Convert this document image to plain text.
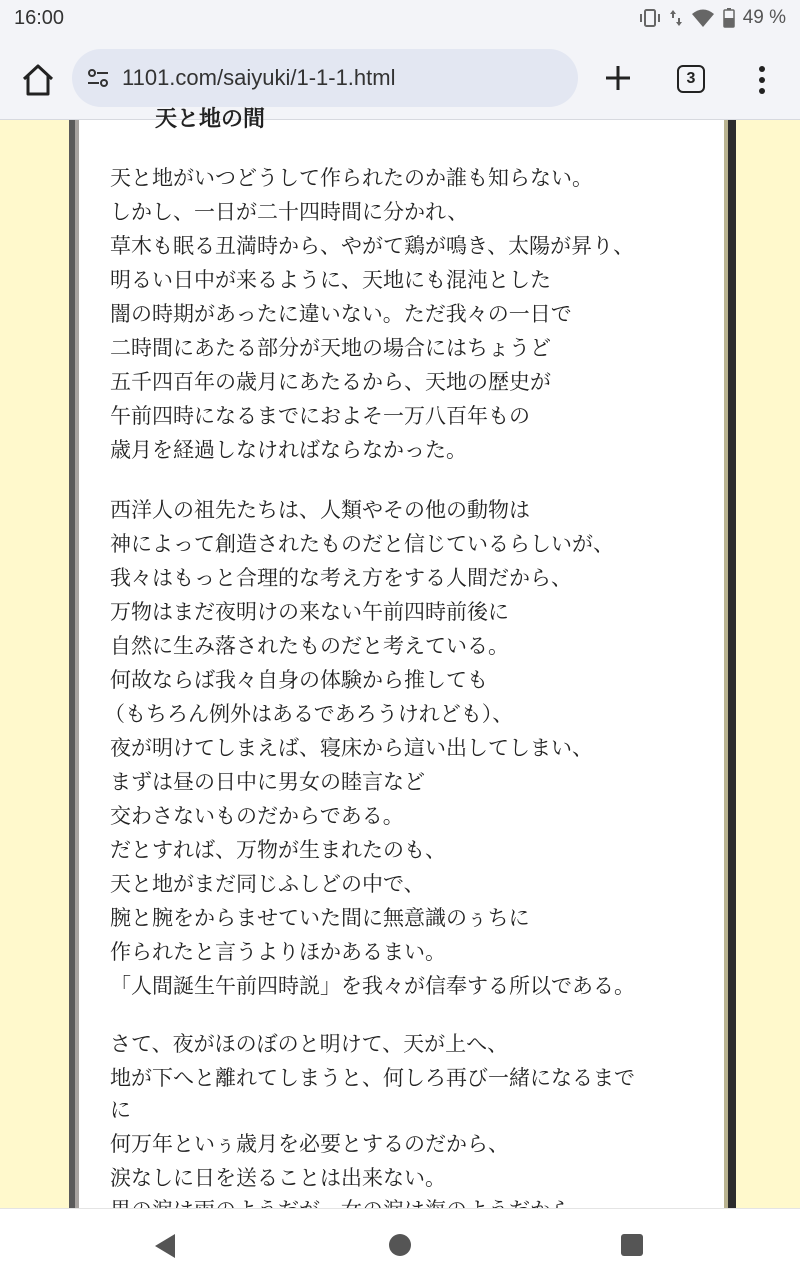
16:00	49 %
1101.com/saiyuki/1-1-1.html	3
天と地の間
天と地がいつどうして作られたのか誰も知らない。
しかし、一日が二十四時間に分かれ、
草木も眠る丑満時から、やがて鶏が鳴き、太陽が昇り、
明るい日中が来るように、天地にも混沌とした
闇の時期があったに違いない。ただ我々の一日で
二時間にあたる部分が天地の場合にはちょうど
五千四百年の歳月にあたるから、天地の歴史が
午前四時になるまでにおよそ一万八百年もの
歳月を経過しなければならなかった。
西洋人の祖先たちは、人類やその他の動物は
神によって創造されたものだと信じているらしいが、
我々はもっと合理的な考え方をする人間だから、
万物はまだ夜明けの来ない午前四時前後に
自然に生み落されたものだと考えている。
何故ならば我々自身の体験から推しても
（もちろん例外はあるであろうけれども）、
夜が明けてしまえば、寝床から這い出してしまい、
まずは昼の日中に男女の睦言など
交わさないものだからである。
だとすれば、万物が生まれたのも、
天と地がまだ同じふしどの中で、
腕と腕をからませていた間に無意識のぅちに
作られたと言うよりほかあるまい。
「人間誕生午前四時説」を我々が信奉する所以である。
さて、夜がほのぼのと明けて、天が上へ、
地が下へと離れてしまうと、何しろ再び一緒になるまで
に
何万年といぅ歳月を必要とするのだから、
涙なしに日を送ることは出来ない。
